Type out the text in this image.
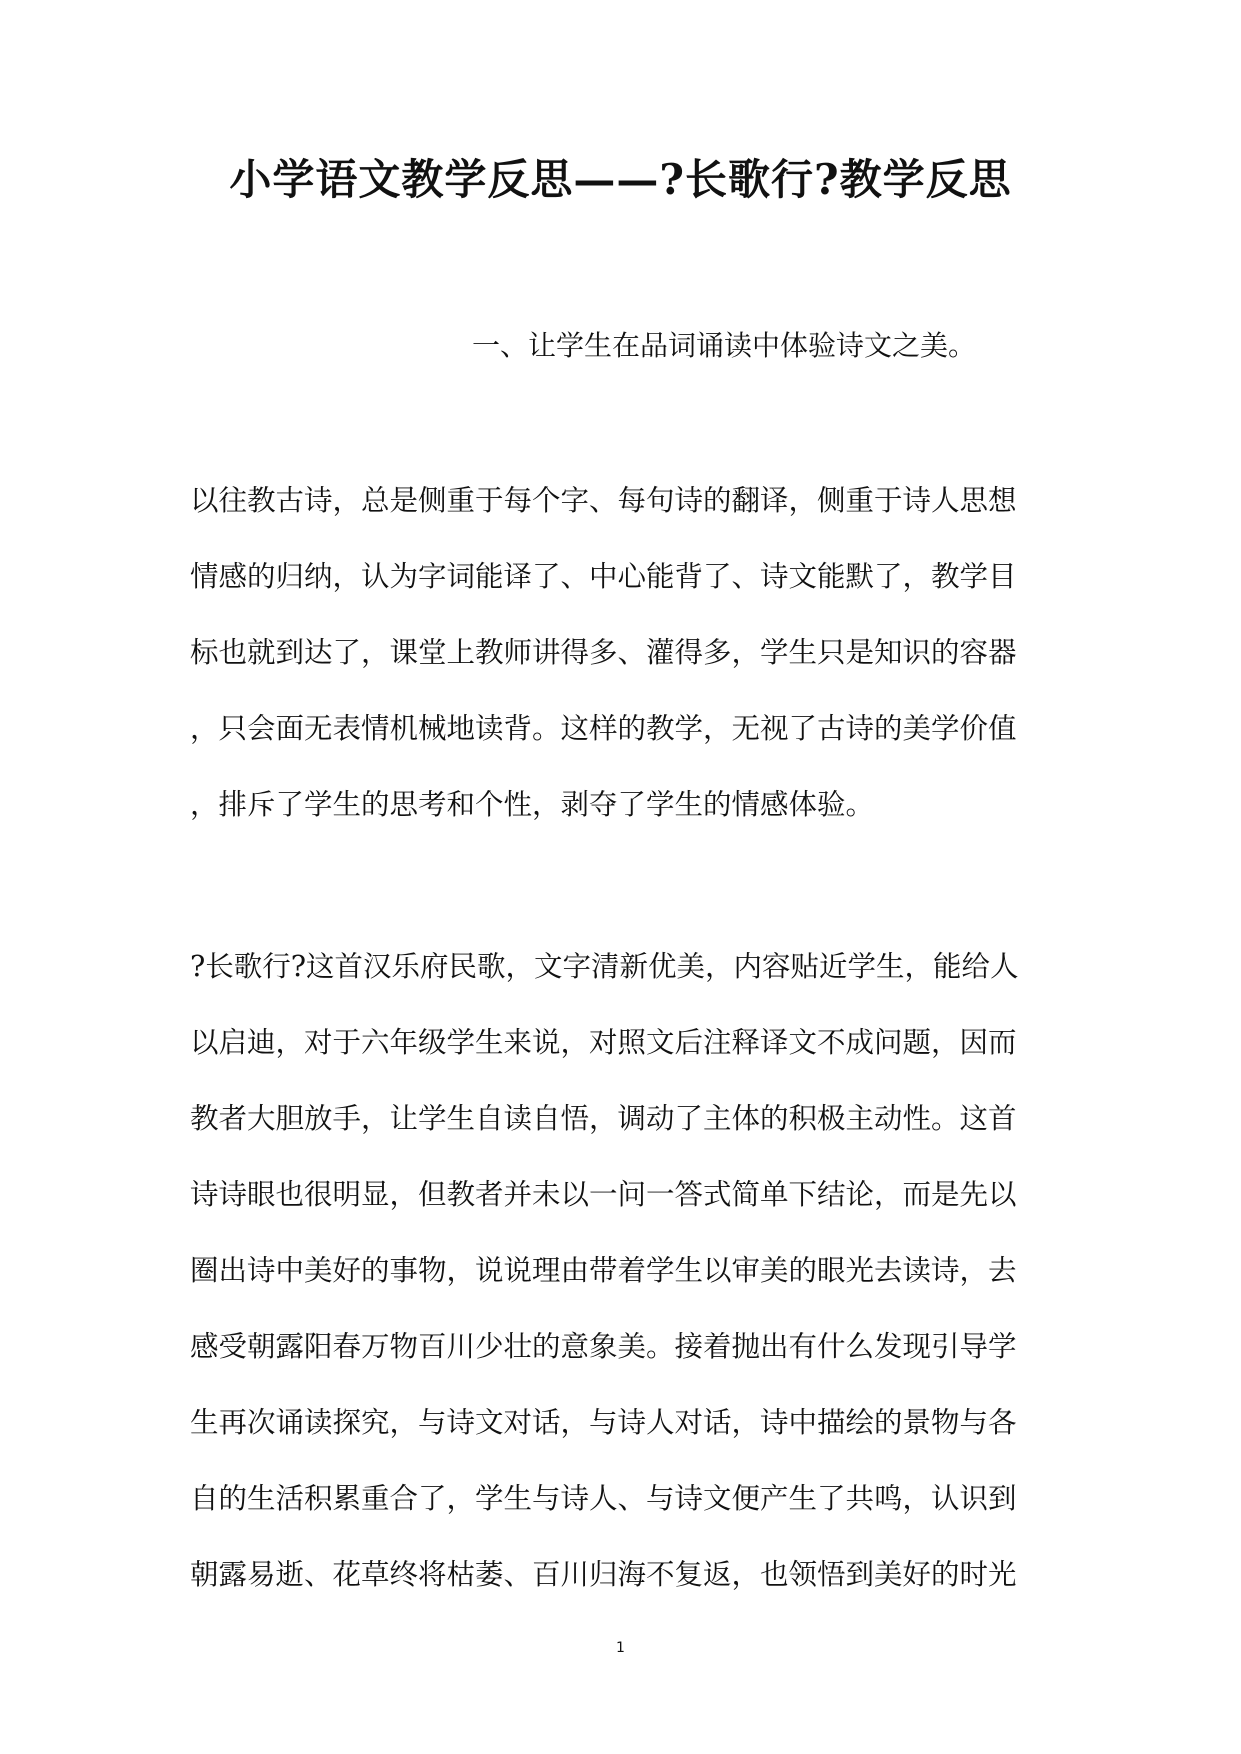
小学语文教学反思——?长歌行?教学反思
一、让学生在品词诵读中体验诗文之美。
以往教古诗，总是侧重于每个字、每句诗的翻译，侧重于诗人思想
情感的归纳，认为字词能译了、中心能背了、诗文能默了，教学目
标也就到达了，课堂上教师讲得多、灌得多，学生只是知识的容器
，只会面无表情机械地读背。这样的教学，无视了古诗的美学价值
，排斥了学生的思考和个性，剥夺了学生的情感体验。
?长歌行?这首汉乐府民歌，文字清新优美，内容贴近学生，能给人
以启迪，对于六年级学生来说，对照文后注释译文不成问题，因而
教者大胆放手，让学生自读自悟，调动了主体的积极主动性。这首
诗诗眼也很明显，但教者并未以一问一答式简单下结论，而是先以
圈出诗中美好的事物，说说理由带着学生以审美的眼光去读诗，去
感受朝露阳春万物百川少壮的意象美。接着抛出有什么发现引导学
生再次诵读探究，与诗文对话，与诗人对话，诗中描绘的景物与各
自的生活积累重合了，学生与诗人、与诗文便产生了共鸣，认识到
朝露易逝、花草终将枯萎、百川归海不复返，也领悟到美好的时光
1
